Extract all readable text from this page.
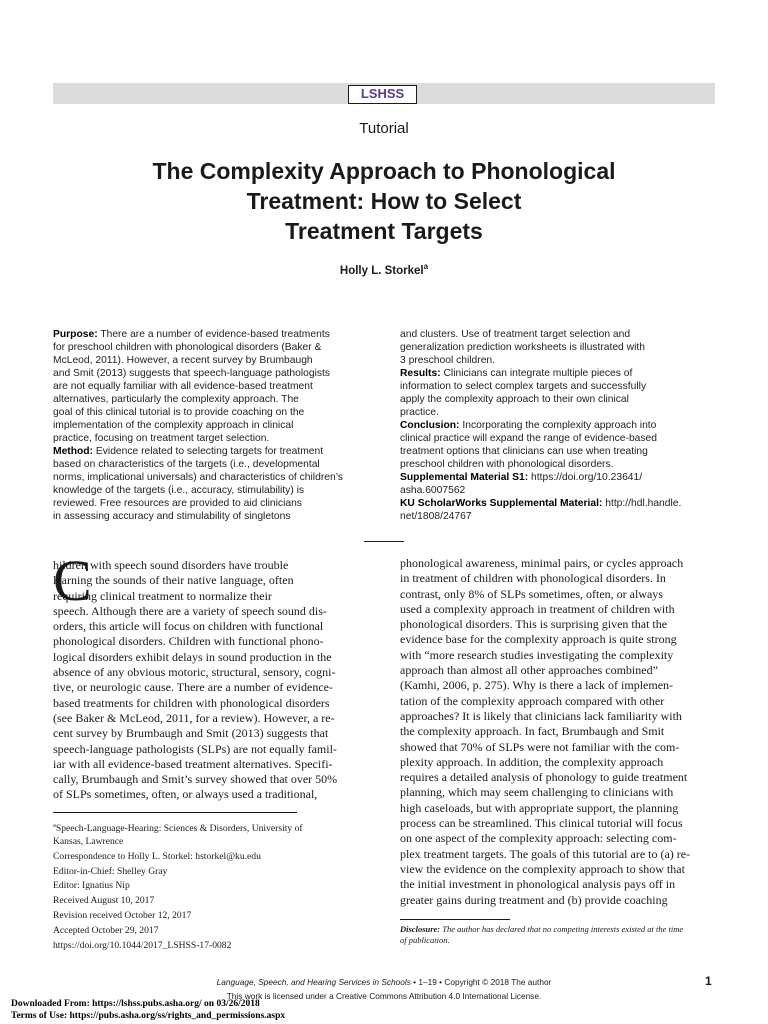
LSHSS
Tutorial
The Complexity Approach to Phonological
Treatment: How to Select
Treatment Targets
Holly L. Storkel$^a$
Purpose: There are a number of evidence-based treatments
for preschool children with phonological disorders (Baker &
McLeod, 2011). However, a recent survey by Brumbaugh
and Smit (2013) suggests that speech-language pathologists
are not equally familiar with all evidence-based treatment
alternatives, particularly the complexity approach. The
goal of this clinical tutorial is to provide coaching on the
implementation of the complexity approach in clinical
practice, focusing on treatment target selection.
Method: Evidence related to selecting targets for treatment
based on characteristics of the targets (i.e., developmental
norms, implicational universals) and characteristics of children’s
knowledge of the targets (i.e., accuracy, stimulability) is
reviewed. Free resources are provided to aid clinicians
in assessing accuracy and stimulability of singletons
and clusters. Use of treatment target selection and
generalization prediction worksheets is illustrated with
3 preschool children.
Results: Clinicians can integrate multiple pieces of
information to select complex targets and successfully
apply the complexity approach to their own clinical
practice.
Conclusion: Incorporating the complexity approach into
clinical practice will expand the range of evidence-based
treatment options that clinicians can use when treating
preschool children with phonological disorders.
Supplemental Material S1: https://doi.org/10.23641/
asha.6007562
KU ScholarWorks Supplemental Material: http://hdl.handle.
net/1808/24767
C
hildren with speech sound disorders have trouble
learning the sounds of their native language, often
requiring clinical treatment to normalize their
speech. Although there are a variety of speech sound dis-
orders, this article will focus on children with functional
phonological disorders. Children with functional phono-
logical disorders exhibit delays in sound production in the
absence of any obvious motoric, structural, sensory, cogni-
tive, or neurologic cause. There are a number of evidence-
based treatments for children with phonological disorders
(see Baker & McLeod, 2011, for a review). However, a re-
cent survey by Brumbaugh and Smit (2013) suggests that
speech-language pathologists (SLPs) are not equally famil-
iar with all evidence-based treatment alternatives. Specifi-
cally, Brumbaugh and Smit’s survey showed that over 50%
of SLPs sometimes, often, or always used a traditional,
phonological awareness, minimal pairs, or cycles approach
in treatment of children with phonological disorders. In
contrast, only 8% of SLPs sometimes, often, or always
used a complexity approach in treatment of children with
phonological disorders. This is surprising given that the
evidence base for the complexity approach is quite strong
with “more research studies investigating the complexity
approach than almost all other approaches combined”
(Kamhi, 2006, p. 275). Why is there a lack of implemen-
tation of the complexity approach compared with other
approaches? It is likely that clinicians lack familiarity with
the complexity approach. In fact, Brumbaugh and Smit
showed that 70% of SLPs were not familiar with the com-
plexity approach. In addition, the complexity approach
requires a detailed analysis of phonology to guide treatment
planning, which may seem challenging to clinicians with
high caseloads, but with appropriate support, the planning
process can be streamlined. This clinical tutorial will focus
on one aspect of the complexity approach: selecting com-
plex treatment targets. The goals of this tutorial are to (a) re-
view the evidence on the complexity approach to show that
the initial investment in phonological analysis pays off in
greater gains during treatment and (b) provide coaching

$^a$Speech-Language-Hearing: Sciences & Disorders, University of
Kansas, Lawrence

Correspondence to Holly L. Storkel: hstorkel@ku.edu

Editor-in-Chief: Shelley Gray

Editor: Ignatius Nip

Received August 10, 2017

Revision received October 12, 2017

Accepted October 29, 2017

https://doi.org/10.1044/2017_LSHSS-17-0082

Disclosure: The author has declared that no competing interests existed at the time
of publication.
Language, Speech, and Hearing Services in Schools • 1–19 • Copyright © 2018 The author
This work is licensed under a Creative Commons Attribution 4.0 International License.
1
Downloaded From: https://lshss.pubs.asha.org/ on 03/26/2018
Terms of Use: https://pubs.asha.org/ss/rights_and_permissions.aspx
